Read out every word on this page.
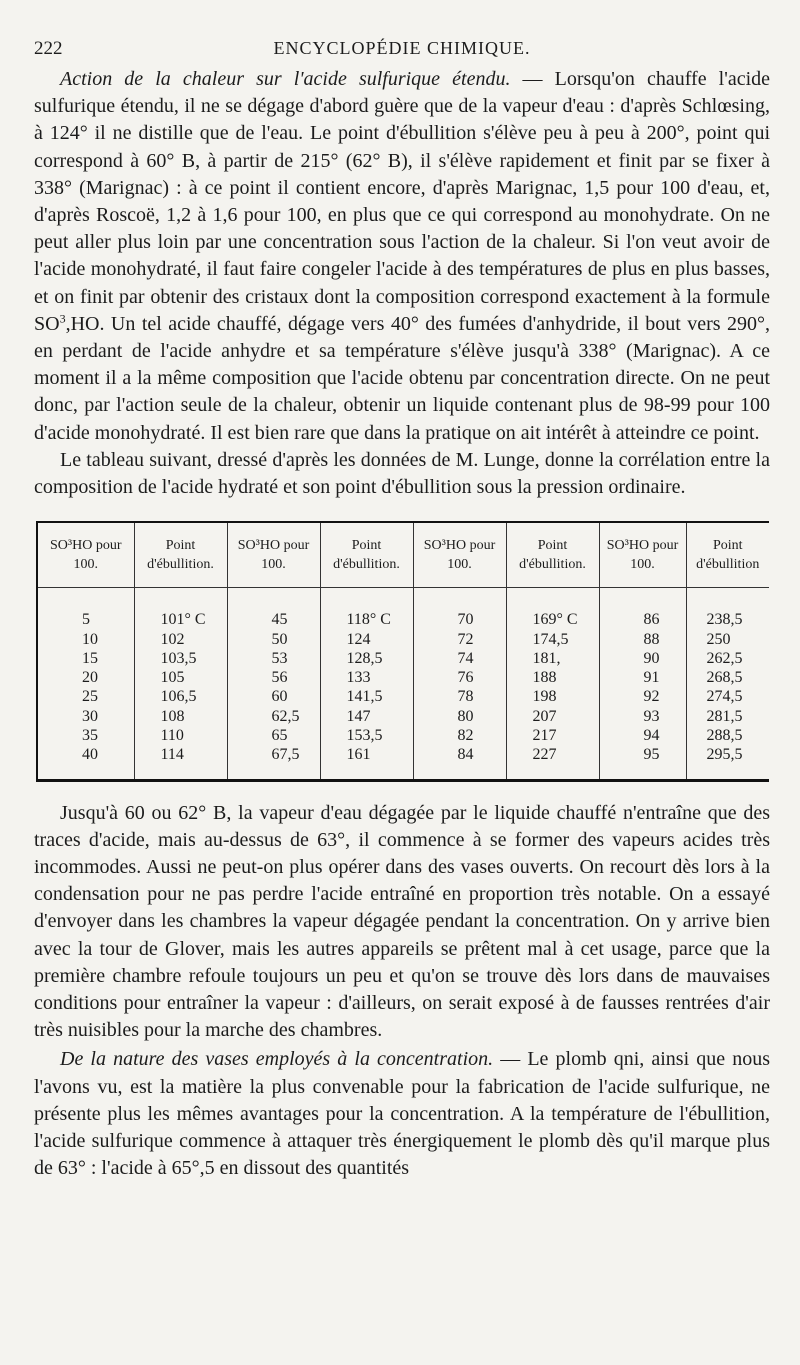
222	ENCYCLOPÉDIE CHIMIQUE.

Action de la chaleur sur l'acide sulfurique étendu. — Lorsqu'on chauffe l'acide sulfurique étendu, il ne se dégage d'abord guère que de la vapeur d'eau : d'après Schlœsing, à 124° il ne distille que de l'eau. Le point d'ébullition s'élève peu à peu à 200°, point qui correspond à 60° B, à partir de 215° (62° B), il s'élève rapidement et finit par se fixer à 338° (Marignac) : à ce point il contient encore, d'après Marignac, 1,5 pour 100 d'eau, et, d'après Roscoë, 1,2 à 1,6 pour 100, en plus que ce qui correspond au monohydrate. On ne peut aller plus loin par une concentration sous l'action de la chaleur. Si l'on veut avoir de l'acide monohydraté, il faut faire congeler l'acide à des températures de plus en plus basses, et on finit par obtenir des cristaux dont la composition correspond exactement à la formule $SO^3,HO$. Un tel acide chauffé, dégage vers 40° des fumées d'anhydride, il bout vers 290°, en perdant de l'acide anhydre et sa température s'élève jusqu'à 338° (Marignac). A ce moment il a la même composition que l'acide obtenu par concentration directe. On ne peut donc, par l'action seule de la chaleur, obtenir un liquide contenant plus de 98-99 pour 100 d'acide monohydraté. Il est bien rare que dans la pratique on ait intérêt à atteindre ce point.

Le tableau suivant, dressé d'après les données de M. Lunge, donne la corrélation entre la composition de l'acide hydraté et son point d'ébullition sous la pression ordinaire.

SO³HO pour 100.	Point d'ébullition.	SO³HO pour 100.	Point d'ébullition.	SO³HO pour 100.	Point d'ébullition.	SO³HO pour 100.	Point d'ébullition
5	101° C	45	118° C	70	169° C	86	238,5
10	102	50	124	72	174,5	88	250
15	103,5	53	128,5	74	181,	90	262,5
20	105	56	133	76	188	91	268,5
25	106,5	60	141,5	78	198	92	274,5
30	108	62,5	147	80	207	93	281,5
35	110	65	153,5	82	217	94	288,5
40	114	67,5	161	84	227	95	295,5

Jusqu'à 60 ou 62° B, la vapeur d'eau dégagée par le liquide chauffé n'entraîne que des traces d'acide, mais au-dessus de 63°, il commence à se former des vapeurs acides très incommodes. Aussi ne peut-on plus opérer dans des vases ouverts. On recourt dès lors à la condensation pour ne pas perdre l'acide entraîné en proportion très notable. On a essayé d'envoyer dans les chambres la vapeur dégagée pendant la concentration. On y arrive bien avec la tour de Glover, mais les autres appareils se prêtent mal à cet usage, parce que la première chambre refoule toujours un peu et qu'on se trouve dès lors dans de mauvaises conditions pour entraîner la vapeur : d'ailleurs, on serait exposé à de fausses rentrées d'air très nuisibles pour la marche des chambres.

De la nature des vases employés à la concentration. — Le plomb qni, ainsi que nous l'avons vu, est la matière la plus convenable pour la fabrication de l'acide sulfurique, ne présente plus les mêmes avantages pour la concentration. A la température de l'ébullition, l'acide sulfurique commence à attaquer très énergiquement le plomb dès qu'il marque plus de 63° : l'acide à 65°,5 en dissout des quantités
